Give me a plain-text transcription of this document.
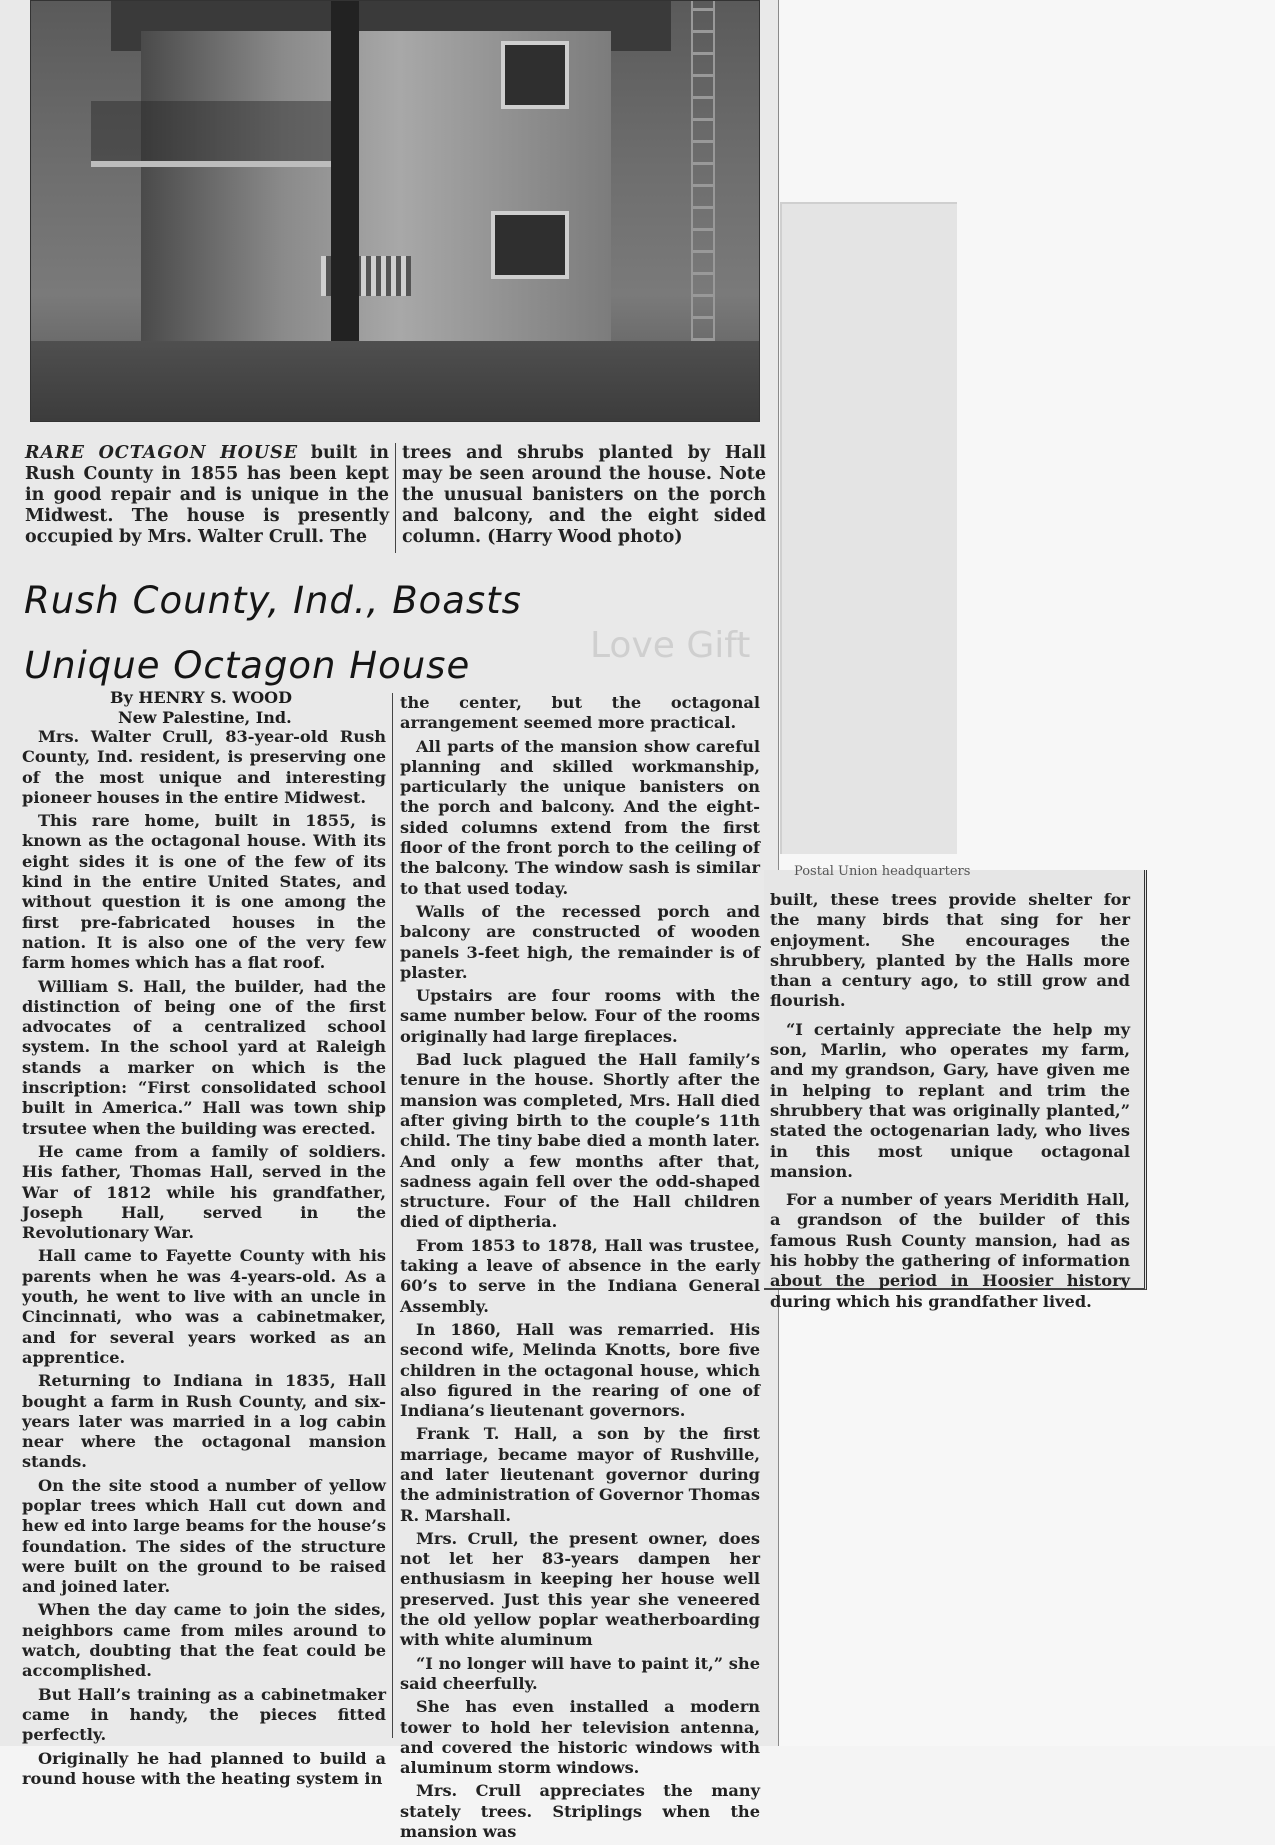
RARE OCTAGON HOUSE built in Rush County in 1855 has been kept in good repair and is unique in the Midwest. The house is presently occupied by Mrs. Walter Crull. The
trees and shrubs planted by Hall may be seen around the house. Note the unusual banisters on the porch and balcony, and the eight sided column. (Harry Wood photo)
Love Gift
Rush County, Ind., Boasts
Unique Octagon House
By HENRY S. WOOD
New Palestine, Ind.

Mrs. Walter Crull, 83-year-old Rush County, Ind. resident, is preserving one of the most unique and interesting pioneer houses in the entire Midwest.

This rare home, built in 1855, is known as the octagonal house. With its eight sides it is one of the few of its kind in the entire United States, and without question it is one among the first pre-fabricated houses in the nation. It is also one of the very few farm homes which has a flat roof.

William S. Hall, the builder, had the distinction of being one of the first advocates of a centralized school system. In the school yard at Raleigh stands a marker on which is the inscription: “First consolidated school built in America.” Hall was town ship trsutee when the building was erected.

He came from a family of soldiers. His father, Thomas Hall, served in the War of 1812 while his grandfather, Joseph Hall, served in the Revolutionary War.

Hall came to Fayette County with his parents when he was 4-years-old. As a youth, he went to live with an uncle in Cincinnati, who was a cabinetmaker, and for several years worked as an apprentice.

Returning to Indiana in 1835, Hall bought a farm in Rush County, and six-years later was married in a log cabin near where the octagonal mansion stands.

On the site stood a number of yellow poplar trees which Hall cut down and hew ed into large beams for the house’s foundation. The sides of the structure were built on the ground to be raised and joined later.

When the day came to join the sides, neighbors came from miles around to watch, doubting that the feat could be accomplished.

But Hall’s training as a cabinetmaker came in handy, the pieces fitted perfectly.

Originally he had planned to build a round house with the heating system in

the center, but the octagonal arrangement seemed more practical.

All parts of the mansion show careful planning and skilled workmanship, particularly the unique banisters on the porch and balcony. And the eight-sided columns extend from the first floor of the front porch to the ceiling of the balcony. The window sash is similar to that used today.

Walls of the recessed porch and balcony are constructed of wooden panels 3-feet high, the remainder is of plaster.

Upstairs are four rooms with the same number below. Four of the rooms originally had large fireplaces.

Bad luck plagued the Hall family’s tenure in the house. Shortly after the mansion was completed, Mrs. Hall died after giving birth to the couple’s 11th child. The tiny babe died a month later. And only a few months after that, sadness again fell over the odd-shaped structure. Four of the Hall children died of diptheria.

From 1853 to 1878, Hall was trustee, taking a leave of absence in the early 60’s to serve in the Indiana General Assembly.

In 1860, Hall was remarried. His second wife, Melinda Knotts, bore five children in the octagonal house, which also figured in the rearing of one of Indiana’s lieutenant governors.

Frank T. Hall, a son by the first marriage, became mayor of Rushville, and later lieutenant governor during the administration of Governor Thomas R. Marshall.

Mrs. Crull, the present owner, does not let her 83-years dampen her enthusiasm in keeping her house well preserved. Just this year she veneered the old yellow poplar weatherboarding with white aluminum

“I no longer will have to paint it,” she said cheerfully.

She has even installed a modern tower to hold her television antenna, and covered the historic windows with aluminum storm windows.

Mrs. Crull appreciates the many stately trees. Striplings when the mansion was

Postal Union headquarters

built, these trees provide shelter for the many birds that sing for her enjoyment. She encourages the shrubbery, planted by the Halls more than a century ago, to still grow and flourish.

“I certainly appreciate the help my son, Marlin, who operates my farm, and my grandson, Gary, have given me in helping to replant and trim the shrubbery that was originally planted,” stated the octogenarian lady, who lives in this most unique octagonal mansion.

For a number of years Meridith Hall, a grandson of the builder of this famous Rush County mansion, had as his hobby the gathering of information about the period in Hoosier history during which his grandfather lived.
